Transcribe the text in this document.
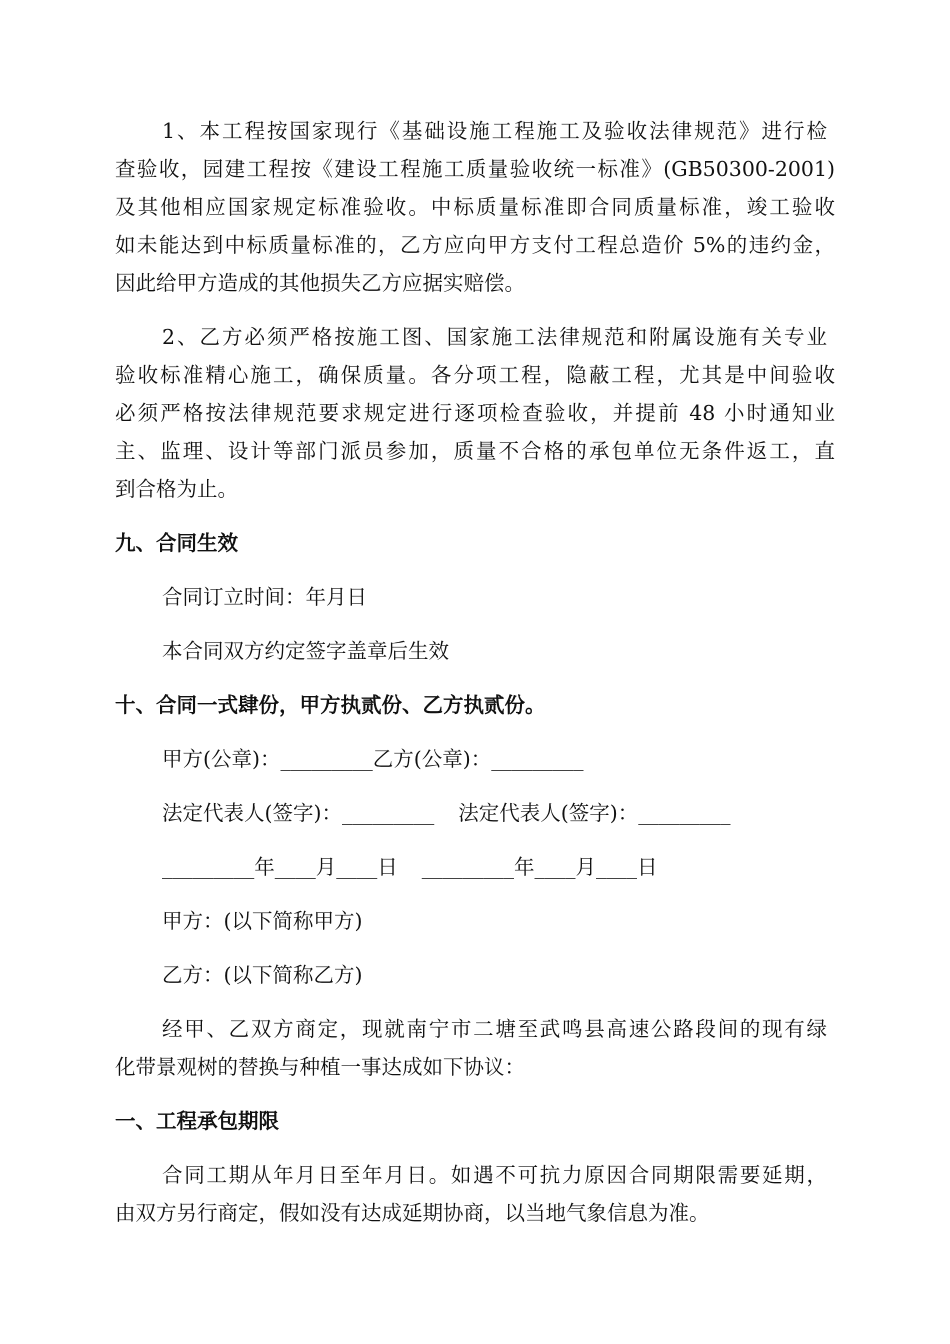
1、本工程按国家现行《基础设施工程施工及验收法律规范》进行检
查验收，园建工程按《建设工程施工质量验收统一标准》(GB50300-2001)
及其他相应国家规定标准验收。中标质量标准即合同质量标准，竣工验收
如未能达到中标质量标准的，乙方应向甲方支付工程总造价 5%的违约金，
因此给甲方造成的其他损失乙方应据实赔偿。
2、乙方必须严格按施工图、国家施工法律规范和附属设施有关专业
验收标准精心施工，确保质量。各分项工程，隐蔽工程，尤其是中间验收
必须严格按法律规范要求规定进行逐项检查验收，并提前 48 小时通知业
主、监理、设计等部门派员参加，质量不合格的承包单位无条件返工，直
到合格为止。
九、合同生效
合同订立时间：年月日
本合同双方约定签字盖章后生效
十、合同一式肆份，甲方执贰份、乙方执贰份。
甲方(公章)：_________乙方(公章)：_________
法定代表人(签字)：_________ 法定代表人(签字)：_________
_________年____月____日 _________年____月____日
甲方：(以下简称甲方)
乙方：(以下简称乙方)
经甲、乙双方商定，现就南宁市二塘至武鸣县高速公路段间的现有绿
化带景观树的替换与种植一事达成如下协议：
一、工程承包期限
合同工期从年月日至年月日。如遇不可抗力原因合同期限需要延期，
由双方另行商定，假如没有达成延期协商，以当地气象信息为准。
